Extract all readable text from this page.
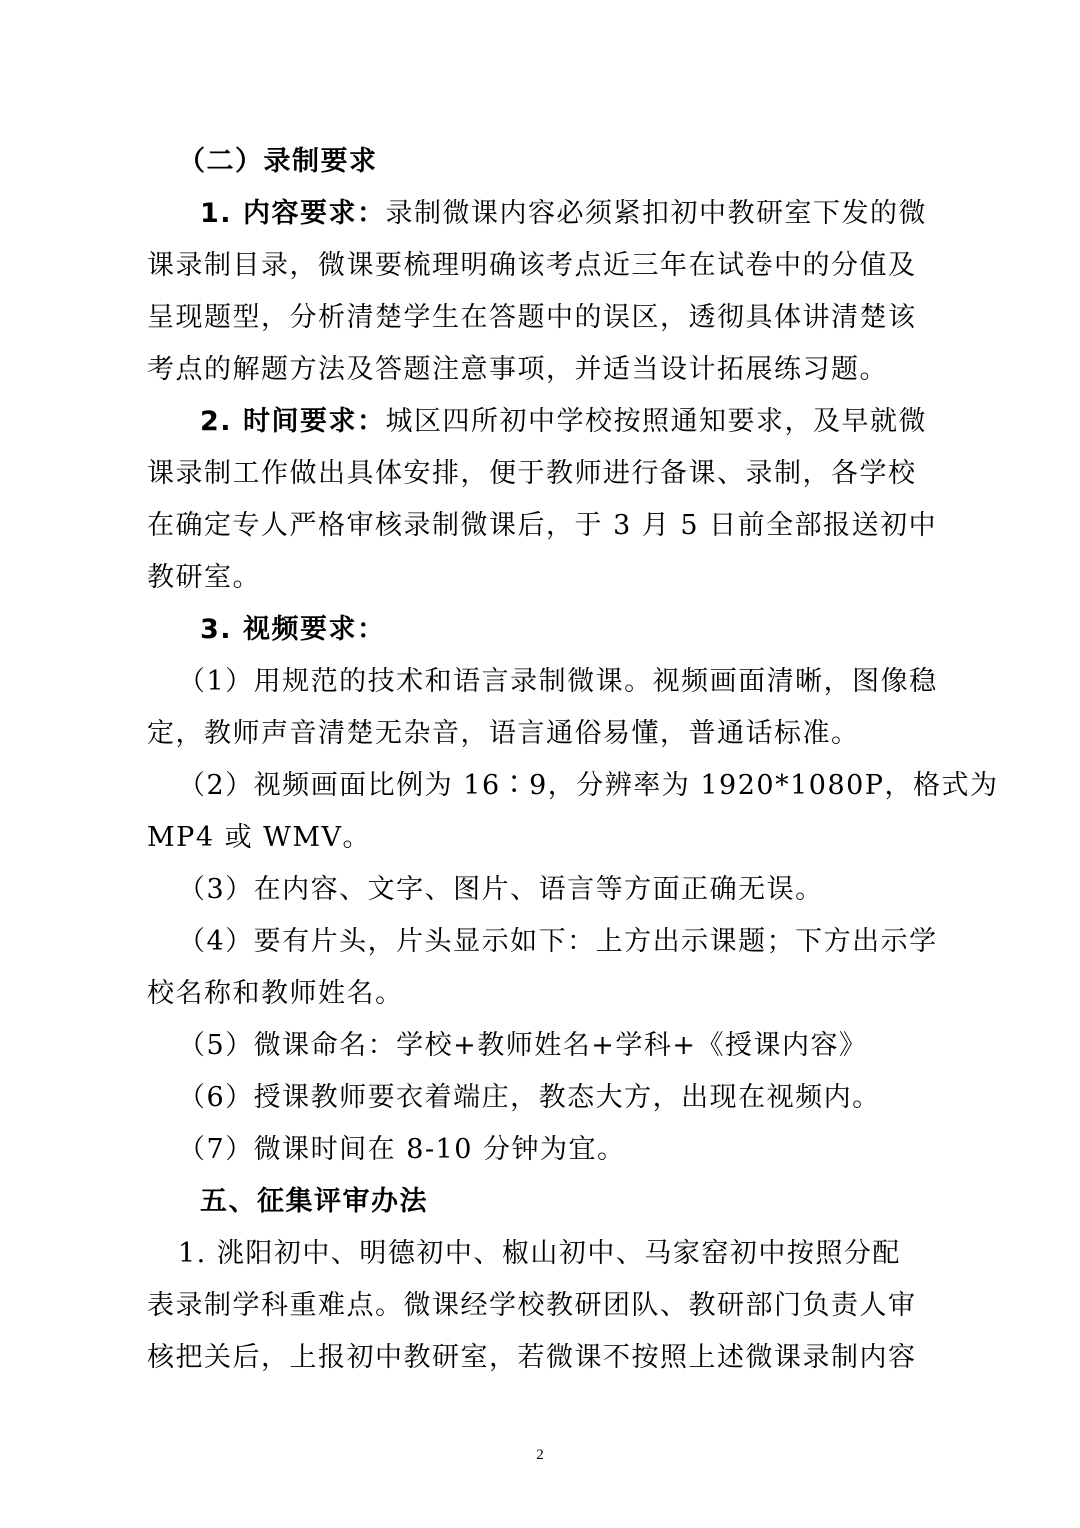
（二）录制要求
1. 内容要求：录制微课内容必须紧扣初中教研室下发的微
课录制目录，微课要梳理明确该考点近三年在试卷中的分值及
呈现题型，分析清楚学生在答题中的误区，透彻具体讲清楚该
考点的解题方法及答题注意事项，并适当设计拓展练习题。
2. 时间要求：城区四所初中学校按照通知要求，及早就微
课录制工作做出具体安排，便于教师进行备课、录制，各学校
在确定专人严格审核录制微课后，于 3 月 5 日前全部报送初中
教研室。
3. 视频要求：
（1）用规范的技术和语言录制微课。视频画面清晰，图像稳
定，教师声音清楚无杂音，语言通俗易懂，普通话标准。
（2）视频画面比例为 16∶9，分辨率为 1920*1080P，格式为
MP4 或 WMV。
（3）在内容、文字、图片、语言等方面正确无误。
（4）要有片头，片头显示如下：上方出示课题；下方出示学
校名称和教师姓名。
（5）微课命名：学校+教师姓名+学科+《授课内容》
（6）授课教师要衣着端庄，教态大方，出现在视频内。
（7）微课时间在 8-10 分钟为宜。
五、征集评审办法
1. 洮阳初中、明德初中、椒山初中、马家窑初中按照分配
表录制学科重难点。微课经学校教研团队、教研部门负责人审
核把关后，上报初中教研室，若微课不按照上述微课录制内容
2
